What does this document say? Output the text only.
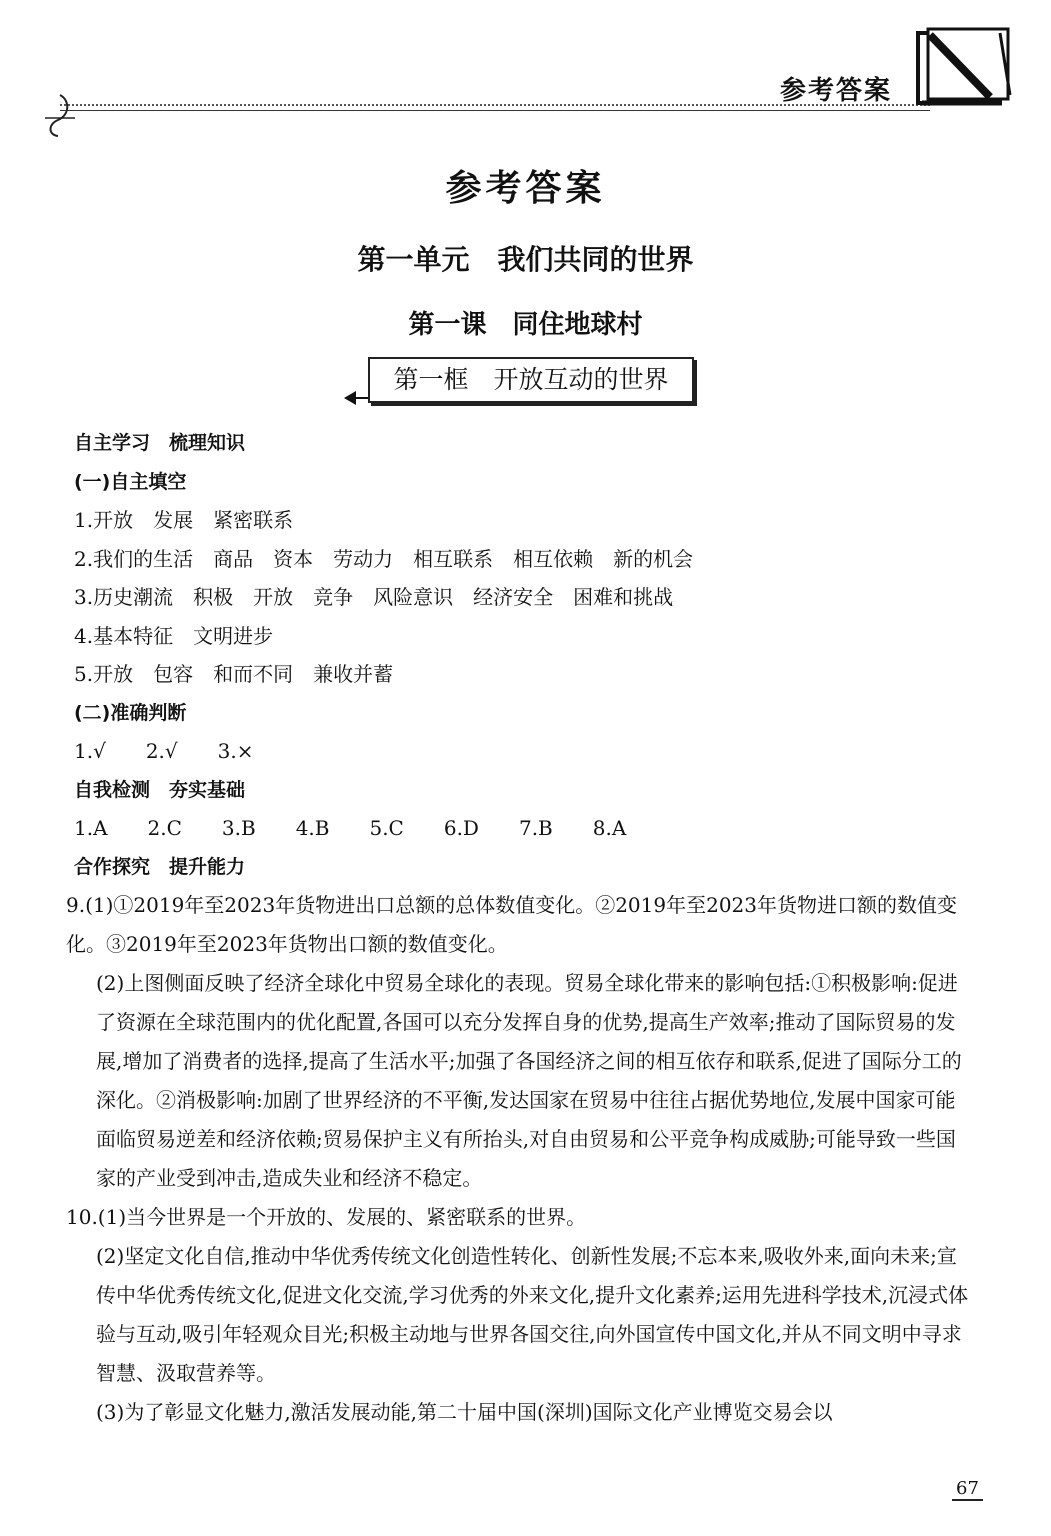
参考答案
参考答案
第一单元　我们共同的世界
第一课　同住地球村
第一框　开放互动的世界
自主学习　梳理知识
(一)自主填空
1.开放　发展　紧密联系
2.我们的生活　商品　资本　劳动力　相互联系　相互依赖　新的机会
3.历史潮流　积极　开放　竞争　风险意识　经济安全　困难和挑战
4.基本特征　文明进步
5.开放　包容　和而不同　兼收并蓄
(二)准确判断
1.√　　2.√　　3.×
自我检测　夯实基础
1.A　　2.C　　3.B　　4.B　　5.C　　6.D　　7.B　　8.A
合作探究　提升能力

9.(1)①2019年至2023年货物进出口总额的总体数值变化。②2019年至2023年货物进口额的数值变化。③2019年至2023年货物出口额的数值变化。

(2)上图侧面反映了经济全球化中贸易全球化的表现。贸易全球化带来的影响包括:①积极影响:促进了资源在全球范围内的优化配置,各国可以充分发挥自身的优势,提高生产效率;推动了国际贸易的发展,增加了消费者的选择,提高了生活水平;加强了各国经济之间的相互依存和联系,促进了国际分工的深化。②消极影响:加剧了世界经济的不平衡,发达国家在贸易中往往占据优势地位,发展中国家可能面临贸易逆差和经济依赖;贸易保护主义有所抬头,对自由贸易和公平竞争构成威胁;可能导致一些国家的产业受到冲击,造成失业和经济不稳定。

10.(1)当今世界是一个开放的、发展的、紧密联系的世界。

(2)坚定文化自信,推动中华优秀传统文化创造性转化、创新性发展;不忘本来,吸收外来,面向未来;宣传中华优秀传统文化,促进文化交流,学习优秀的外来文化,提升文化素养;运用先进科学技术,沉浸式体验与互动,吸引年轻观众目光;积极主动地与世界各国交往,向外国宣传中国文化,并从不同文明中寻求智慧、汲取营养等。

(3)为了彰显文化魅力,激活发展动能,第二十届中国(深圳)国际文化产业博览交易会以

67
